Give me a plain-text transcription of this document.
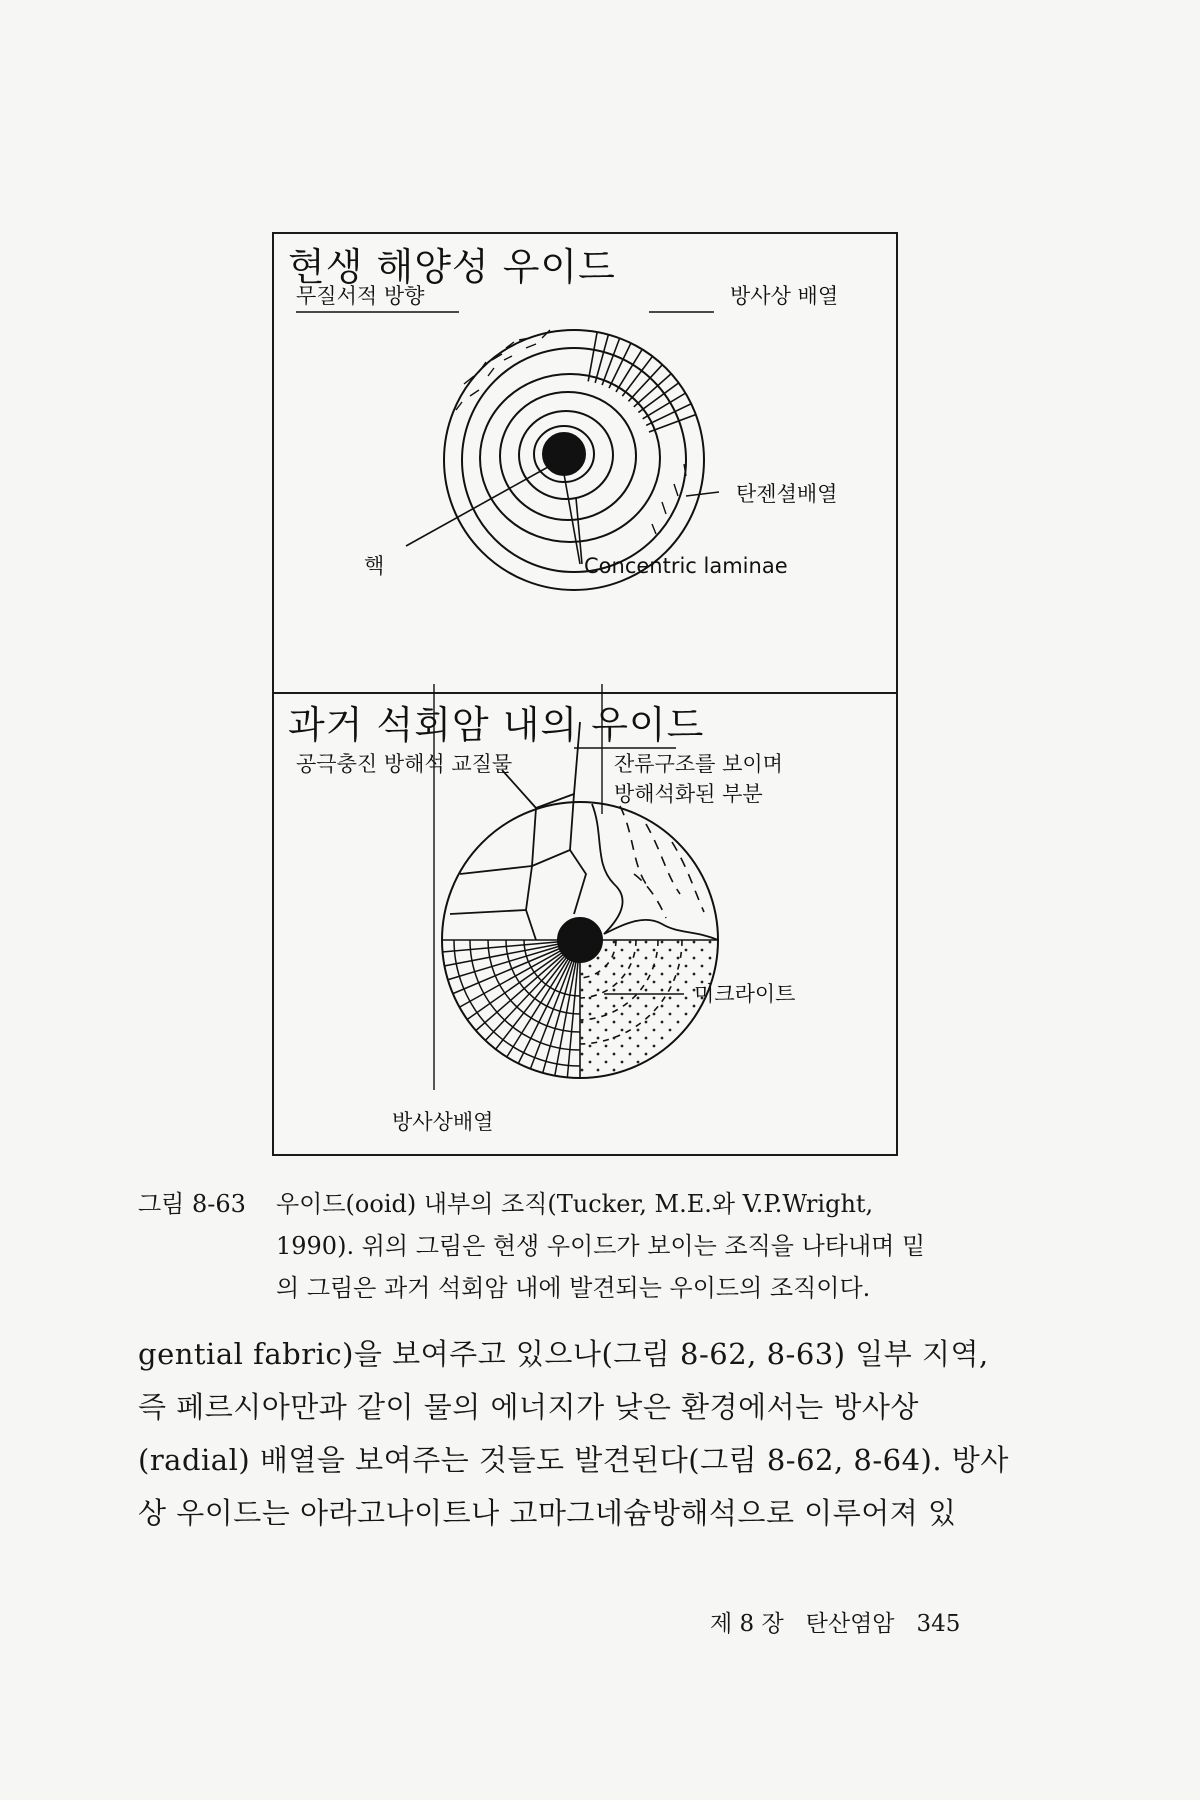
현생 해양성 우이드
무질서적 방향	방사상 배열
탄젠셜배열
핵	Concentric laminae
과거 석회암 내의 우이드
공극충진 방해석 교질물	잔류구조를 보이며
방해석화된 부분
미크라이트
방사상배열
그림 8-63 우이드(ooid) 내부의 조직(Tucker, M.E.와 V.P.Wright,
1990). 위의 그림은 현생 우이드가 보이는 조직을 나타내며 밑
의 그림은 과거 석회암 내에 발견되는 우이드의 조직이다.
gential fabric)을 보여주고 있으나(그림 8-62, 8-63) 일부 지역,
즉 페르시아만과 같이 물의 에너지가 낮은 환경에서는 방사상
(radial) 배열을 보여주는 것들도 발견된다(그림 8-62, 8-64). 방사
상 우이드는 아라고나이트나 고마그네슘방해석으로 이루어져 있
제 8 장 탄산염암 345
